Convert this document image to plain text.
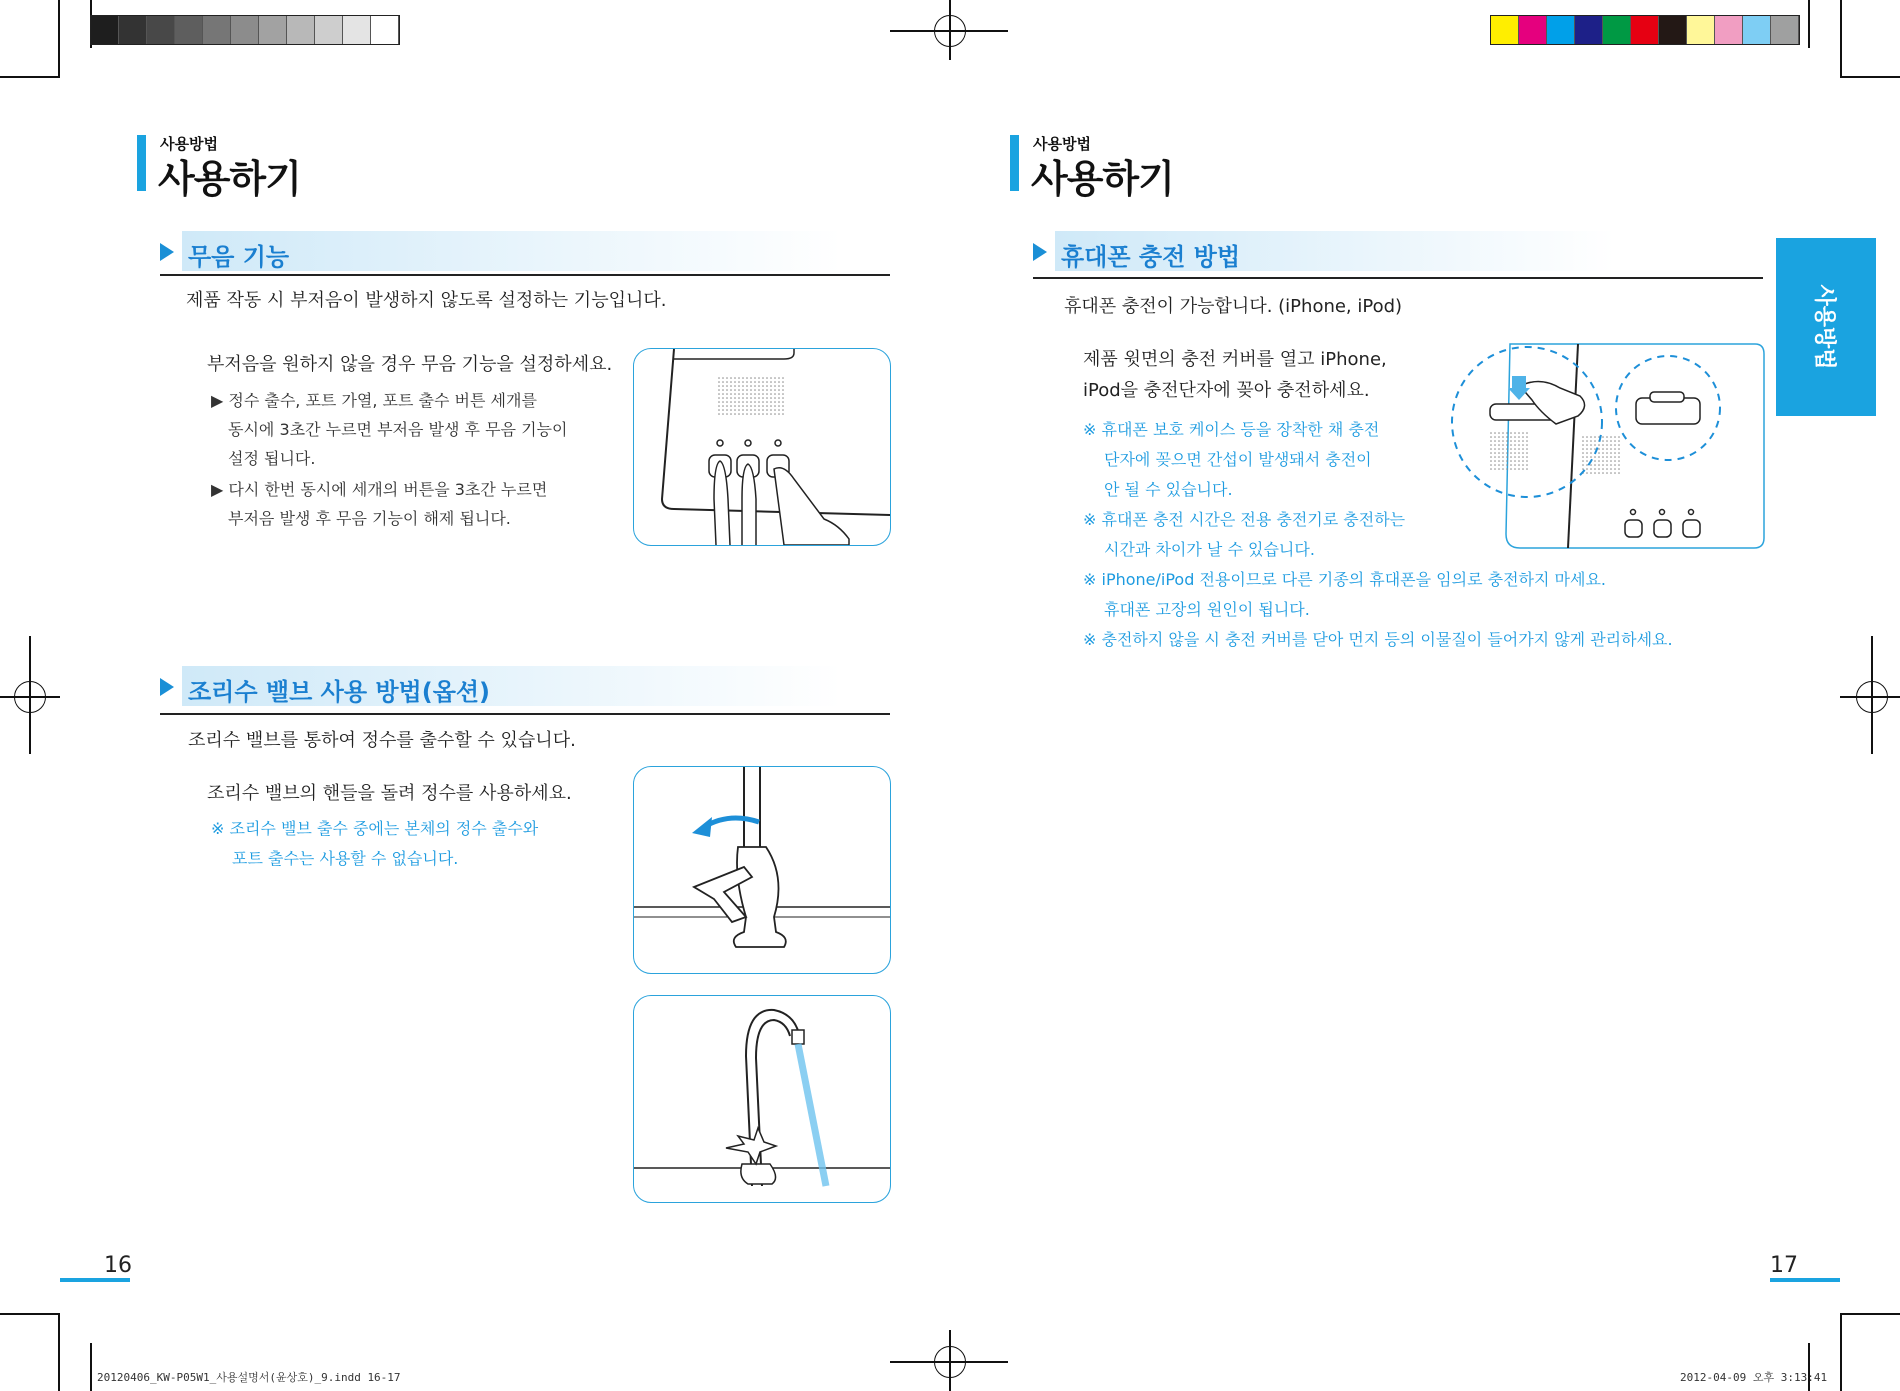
사용방법
사용하기
무음 기능
제품 작동 시 부저음이 발생하지 않도록 설정하는 기능입니다.
부저음을 원하지 않을 경우 무음 기능을 설정하세요.
▶ 정수 출수, 포트 가열, 포트 출수 버튼 세개를
동시에 3초간 누르면 부저음 발생 후 무음 기능이
설정 됩니다.
▶ 다시 한번 동시에 세개의 버튼을 3초간 누르면
부저음 발생 후 무음 기능이 해제 됩니다.
조리수 밸브 사용 방법(옵션)
조리수 밸브를 통하여 정수를 출수할 수 있습니다.
조리수 밸브의 핸들을 돌려 정수를 사용하세요.
※ 조리수 밸브 출수 중에는 본체의 정수 출수와
포트 출수는 사용할 수 없습니다.
16
사용방법
사용하기
사용방법
휴대폰 충전 방법
휴대폰 충전이 가능합니다. (iPhone, iPod)
제품 윗면의 충전 커버를 열고 iPhone,
iPod을 충전단자에 꽂아 충전하세요.
※ 휴대폰 보호 케이스 등을 장착한 채 충전
단자에 꽂으면 간섭이 발생돼서 충전이
안 될 수 있습니다.
※ 휴대폰 충전 시간은 전용 충전기로 충전하는
시간과 차이가 날 수 있습니다.
※ iPhone/iPod 전용이므로 다른 기종의 휴대폰을 임의로 충전하지 마세요.
휴대폰 고장의 원인이 됩니다.
※ 충전하지 않을 시 충전 커버를 닫아 먼지 등의 이물질이 들어가지 않게 관리하세요.
17
20120406_KW-P05W1_사용설명서(윤상호)_9.indd 16-17	2012-04-09 오후 3:13:41
